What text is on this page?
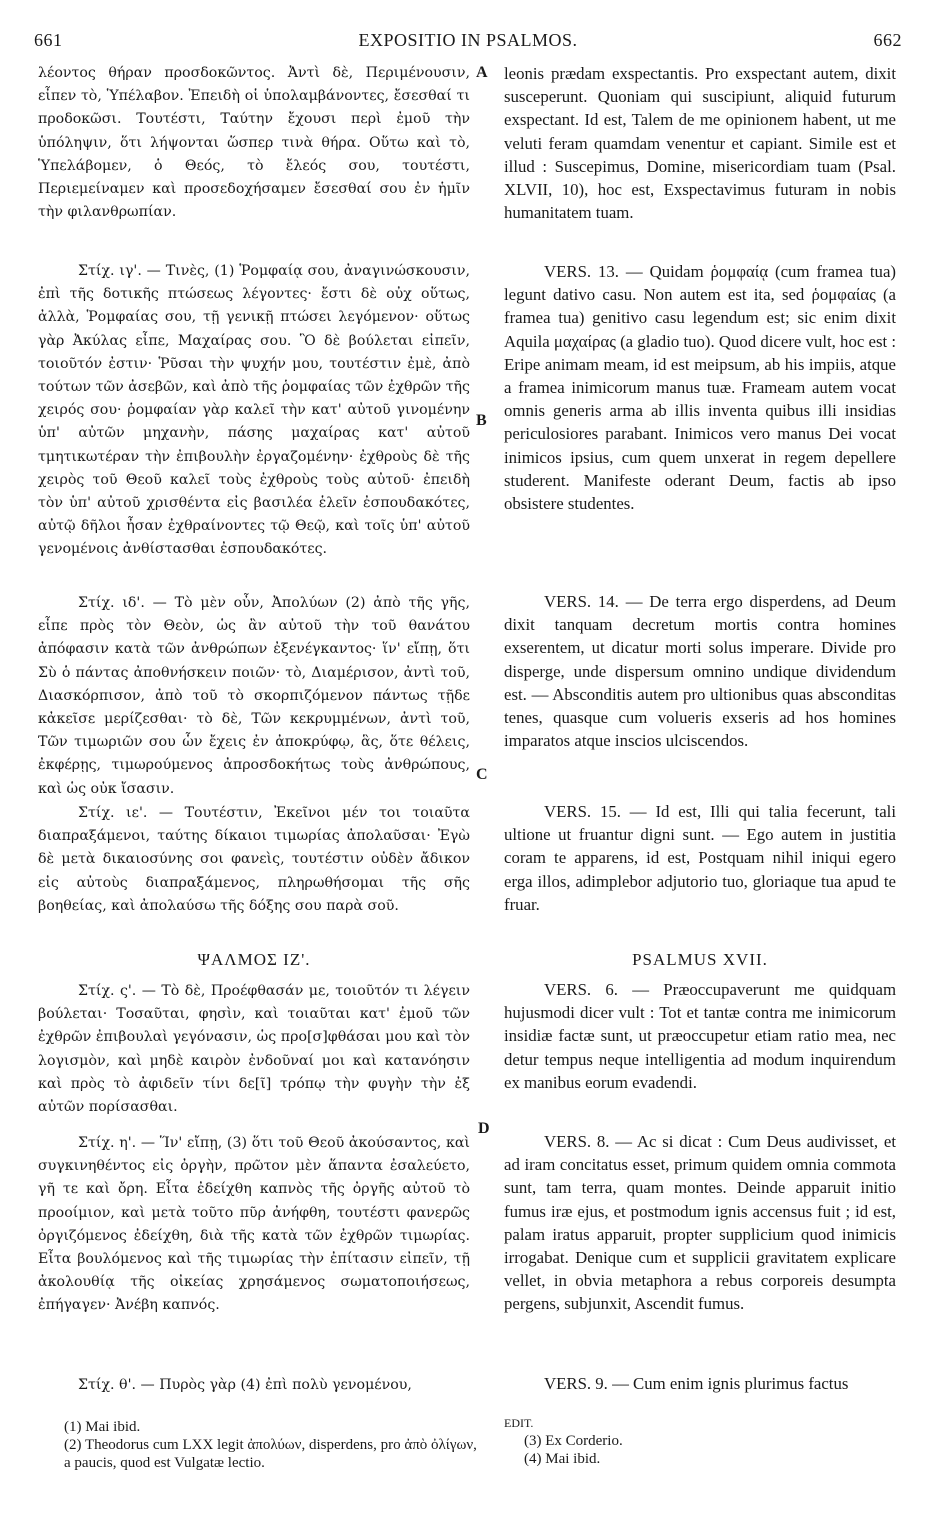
661	EXPOSITIO IN PSALMOS.	662

λέοντος θήραν προσδοκῶντος. Ἀντὶ δὲ, Περιμένουσιν, εἶπεν τὸ, Ὑπέλαβον. Ἐπειδὴ οἱ ὑπολαμβάνοντες, ἔσεσθαί τι προδοκῶσι. Τουτέστι, Ταύτην ἔχουσι περὶ ἐμοῦ τὴν ὑπόληψιν, ὅτι λήψονται ὥσπερ τινὰ θήρα. Οὕτω καὶ τὸ, Ὑπελάβομεν, ὁ Θεός, τὸ ἔλεός σου, τουτέστι, Περιεμείναμεν καὶ προσεδοχήσαμεν ἔσεσθαί σου ἐν ἡμῖν τὴν φιλανθρωπίαν.

Στίχ. ιγ'. — Τινὲς, (1) Ῥομφαίᾳ σου, ἀναγινώσκουσιν, ἐπὶ τῆς δοτικῆς πτώσεως λέγοντες· ἔστι δὲ οὐχ οὕτως, ἀλλὰ, Ῥομφαίας σου, τῇ γενικῇ πτώσει λεγόμενον· οὕτως γὰρ Ἀκύλας εἶπε, Μαχαίρας σου. Ὃ δὲ βούλεται εἰπεῖν, τοιοῦτόν ἐστιν· Ῥῦσαι τὴν ψυχήν μου, τουτέστιν ἐμὲ, ἀπὸ τούτων τῶν ἀσεβῶν, καὶ ἀπὸ τῆς ῥομφαίας τῶν ἐχθρῶν τῆς χειρός σου· ῥομφαίαν γὰρ καλεῖ τὴν κατ' αὐτοῦ γινομένην ὑπ' αὐτῶν μηχανὴν, πάσης μαχαίρας κατ' αὐτοῦ τμητικωτέραν τὴν ἐπιβουλὴν ἐργαζομένην· ἐχθροὺς δὲ τῆς χειρὸς τοῦ Θεοῦ καλεῖ τοὺς ἐχθροὺς τοὺς αὐτοῦ· ἐπειδὴ τὸν ὑπ' αὐτοῦ χρισθέντα εἰς βασιλέα ἑλεῖν ἐσπουδακότες, αὐτῷ δῆλοι ἦσαν ἐχθραίνοντες τῷ Θεῷ, καὶ τοῖς ὑπ' αὐτοῦ γενομένοις ἀνθίστασθαι ἐσπουδακότες.

Στίχ. ιδ'. — Τὸ μὲν οὖν, Ἀπολύων (2) ἀπὸ τῆς γῆς, εἶπε πρὸς τὸν Θεὸν, ὡς ἂν αὐτοῦ τὴν τοῦ θανάτου ἀπόφασιν κατὰ τῶν ἀνθρώπων ἐξενέγκαντος· ἵν' εἴπῃ, ὅτι Σὺ ὁ πάντας ἀποθνήσκειν ποιῶν· τὸ, Διαμέρισον, ἀντὶ τοῦ, Διασκόρπισον, ἀπὸ τοῦ τὸ σκορπιζόμενον πάντως τῇδε κἀκεῖσε μερίζεσθαι· τὸ δὲ, Τῶν κεκρυμμένων, ἀντὶ τοῦ, Τῶν τιμωριῶν σου ὧν ἔχεις ἐν ἀποκρύφῳ, ἃς, ὅτε θέλεις, ἐκφέρῃς, τιμωρούμενος ἀπροσδοκήτως τοὺς ἀνθρώπους, καὶ ὡς οὐκ ἴσασιν.

Στίχ. ιε'. — Τουτέστιν, Ἐκεῖνοι μέν τοι τοιαῦτα διαπραξάμενοι, ταύτης δίκαιοι τιμωρίας ἀπολαῦσαι· Ἐγὼ δὲ μετὰ δικαιοσύνης σοι φανεὶς, τουτέστιν οὐδὲν ἄδικον εἰς αὐτοὺς διαπραξάμενος, πληρωθήσομαι τῆς σῆς βοηθείας, καὶ ἀπολαύσω τῆς δόξης σου παρὰ σοῦ.

ΨΑΛΜΟΣ ΙΖ'.

Στίχ. ς'. — Τὸ δὲ, Προέφθασάν με, τοιοῦτόν τι λέγειν βούλεται· Τοσαῦται, φησὶν, καὶ τοιαῦται κατ' ἐμοῦ τῶν ἐχθρῶν ἐπιβουλαὶ γεγόνασιν, ὡς προ[σ]φθάσαι μου καὶ τὸν λογισμὸν, καὶ μηδὲ καιρὸν ἐνδοῦναί μοι καὶ κατανόησιν καὶ πρὸς τὸ ἀφιδεῖν τίνι δε[ῖ] τρόπῳ τὴν φυγὴν τὴν ἐξ αὐτῶν πορίσασθαι.

Στίχ. η'. — Ἵν' εἴπῃ, (3) ὅτι τοῦ Θεοῦ ἀκούσαντος, καὶ συγκινηθέντος εἰς ὀργὴν, πρῶτον μὲν ἅπαντα ἐσαλεύετο, γῆ τε καὶ ὄρη. Εἶτα ἐδείχθη καπνὸς τῆς ὀργῆς αὐτοῦ τὸ προοίμιον, καὶ μετὰ τοῦτο πῦρ ἀνήφθη, τουτέστι φανερῶς ὀργιζόμενος ἐδείχθη, διὰ τῆς κατὰ τῶν ἐχθρῶν τιμωρίας. Εἶτα βουλόμενος καὶ τῆς τιμωρίας τὴν ἐπίτασιν εἰπεῖν, τῇ ἀκολουθίᾳ τῆς οἰκείας χρησάμενος σωματοποιήσεως, ἐπήγαγεν· Ἀνέβη καπνός.

Στίχ. θ'. — Πυρὸς γὰρ (4) ἐπὶ πολὺ γενομένου,

leonis prædam exspectantis. Pro exspectant autem, dixit susceperunt. Quoniam qui suscipiunt, aliquid futurum exspectant. Id est, Talem de me opinionem habent, ut me veluti feram quamdam venentur et capiant. Simile est et illud : Suscepimus, Domine, misericordiam tuam (Psal. XLVII, 10), hoc est, Exspectavimus futuram in nobis humanitatem tuam.

VERS. 13. — Quidam ῥομφαίᾳ (cum framea tua) legunt dativo casu. Non autem est ita, sed ῥομφαίας (a framea tua) genitivo casu legendum est; sic enim dixit Aquila μαχαίρας (a gladio tuo). Quod dicere vult, hoc est : Eripe animam meam, id est meipsum, ab his impiis, atque a framea inimicorum manus tuæ. Frameam autem vocat omnis generis arma ab illis inventa quibus illi insidias periculosiores parabant. Inimicos vero manus Dei vocat inimicos ipsius, cum quem unxerat in regem depellere studerent. Manifeste oderant Deum, factis ab ipso obsistere studentes.

VERS. 14. — De terra ergo disperdens, ad Deum dixit tanquam decretum mortis contra homines exserentem, ut dicatur morti solus imperare. Divide pro disperge, unde dispersum omnino undique dividendum est. — Absconditis autem pro ultionibus quas absconditas tenes, quasque cum volueris exseris ad hos homines imparatos atque inscios ulciscendos.

VERS. 15. — Id est, Illi qui talia fecerunt, tali ultione ut fruantur digni sunt. — Ego autem in justitia coram te apparens, id est, Postquam nihil iniqui egero erga illos, adimplebor adjutorio tuo, gloriaque tua apud te fruar.

PSALMUS XVII.

VERS. 6. — Præoccupaverunt me quidquam hujusmodi dicer vult : Tot et tantæ contra me inimicorum insidiæ factæ sunt, ut præoccupetur etiam ratio mea, nec detur tempus neque intelligentia ad modum inquirendum ex manibus eorum evadendi.

VERS. 8. — Ac si dicat : Cum Deus audivisset, et ad iram concitatus esset, primum quidem omnia commota sunt, tam terra, quam montes. Deinde apparuit initio fumus iræ ejus, et postmodum ignis accensus fuit ; id est, palam iratus apparuit, propter supplicium quod inimicis irrogabat. Denique cum et supplicii gravitatem explicare vellet, in obvia metaphora a rebus corporeis desumpta pergens, subjunxit, Ascendit fumus.

VERS. 9. — Cum enim ignis plurimus factus

A
B
C
D

(1) Mai ibid.

(2) Theodorus cum LXX legit ἀπολύων, disperdens, pro ἀπὸ ὀλίγων, a paucis, quod est Vulgatæ lectio.

EDIT.

(3) Ex Corderio.

(4) Mai ibid.
